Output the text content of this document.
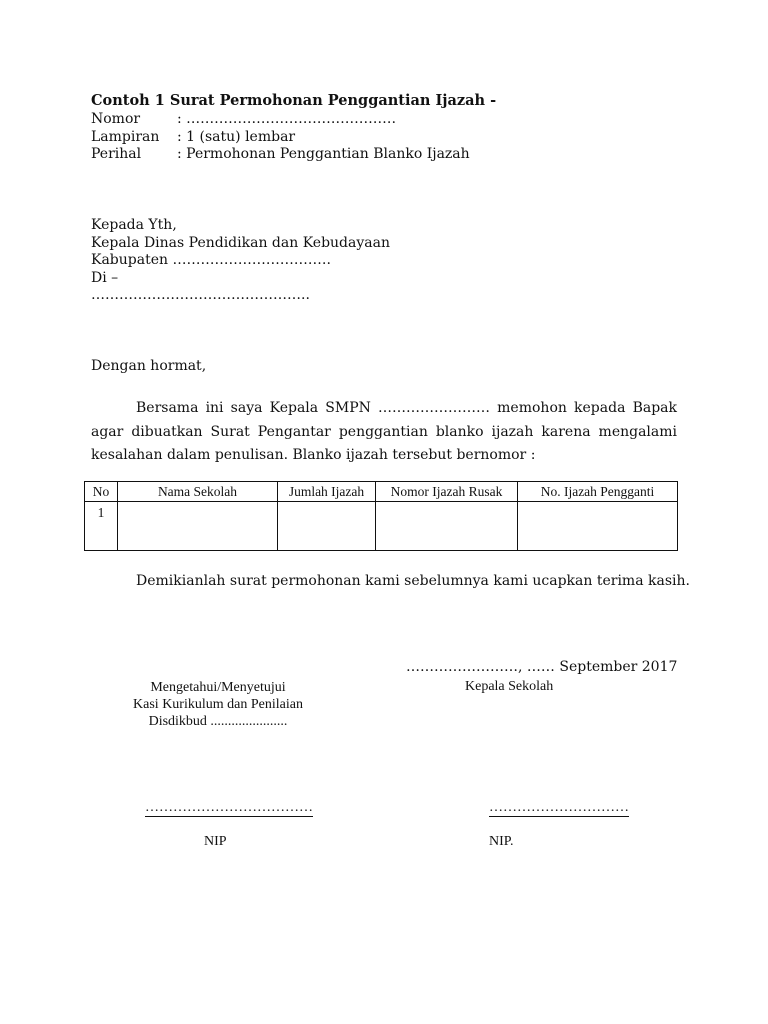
Contoh 1 Surat Permohonan Penggantian Ijazah -
Nomor	: ………………………………………
Lampiran	: 1 (satu) lembar
Perihal	: Permohonan Penggantian Blanko Ijazah
Kepada Yth,
Kepala Dinas Pendidikan dan Kebudayaan
Kabupaten …………………………….
Di –
………………………………………..
Dengan hormat,
Bersama ini saya Kepala SMPN …………………… memohon kepada Bapak agar dibuatkan Surat Pengantar penggantian blanko ijazah karena mengalami kesalahan dalam penulisan. Blanko ijazah tersebut bernomor :
No	Nama Sekolah	Jumlah Ijazah	Nomor Ijazah Rusak	No. Ijazah Pengganti
1				
Demikianlah surat permohonan kami sebelumnya kami ucapkan terima kasih.
……………………, …… September 2017
Mengetahui/Menyetujui
Kasi Kurikulum dan Penilaian
Disdikbud ......................
Kepala Sekolah
………………………………	…………………………
NIP	NIP.
